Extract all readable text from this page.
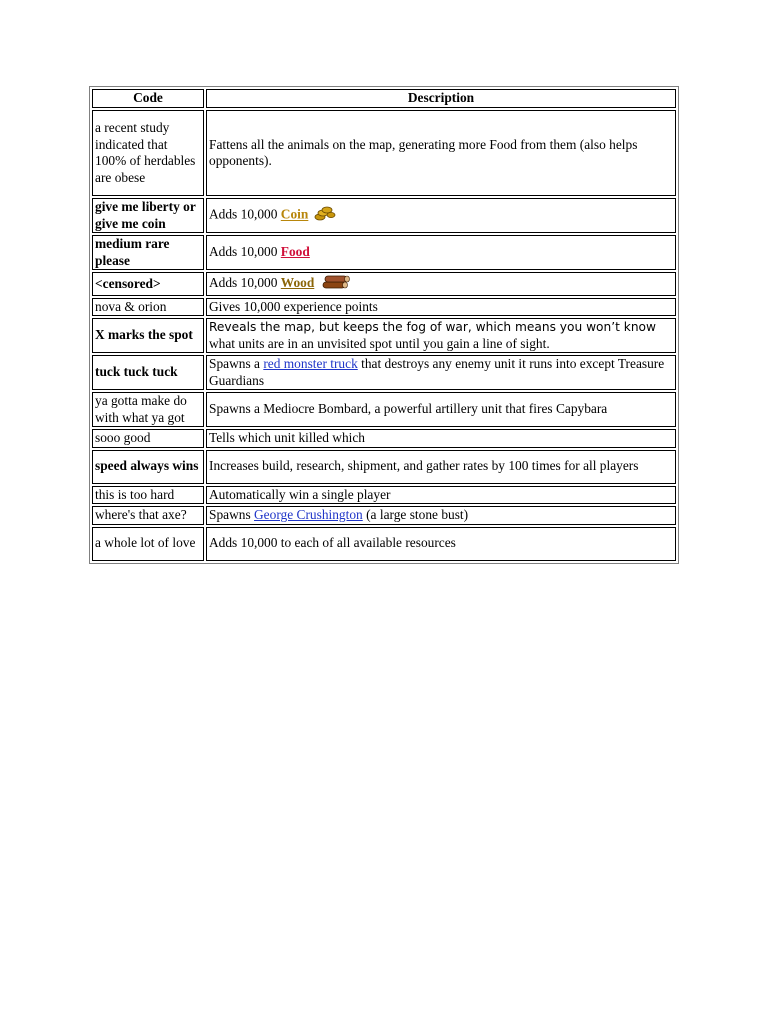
Code	Description
a recent study indicated that 100% of herdables are obese	Fattens all the animals on the map, generating more Food from them (also helps opponents).
give me liberty or give me coin	Adds 10,000 Coin
medium rare please	Adds 10,000 Food
<censored>	Adds 10,000 Wood
nova & orion	Gives 10,000 experience points
X marks the spot	Reveals the map, but keeps the fog of war, which means you won’t know
what units are in an unvisited spot until you gain a line of sight.
tuck tuck tuck	Spawns a red monster truck that destroys any enemy unit it runs into except Treasure Guardians
ya gotta make do with what ya got	Spawns a Mediocre Bombard, a powerful artillery unit that fires Capybara
sooo good	Tells which unit killed which
speed always wins	Increases build, research, shipment, and gather rates by 100 times for all players
this is too hard	Automatically win a single player
where's that axe?	Spawns George Crushington (a large stone bust)
a whole lot of love	Adds 10,000 to each of all available resources
